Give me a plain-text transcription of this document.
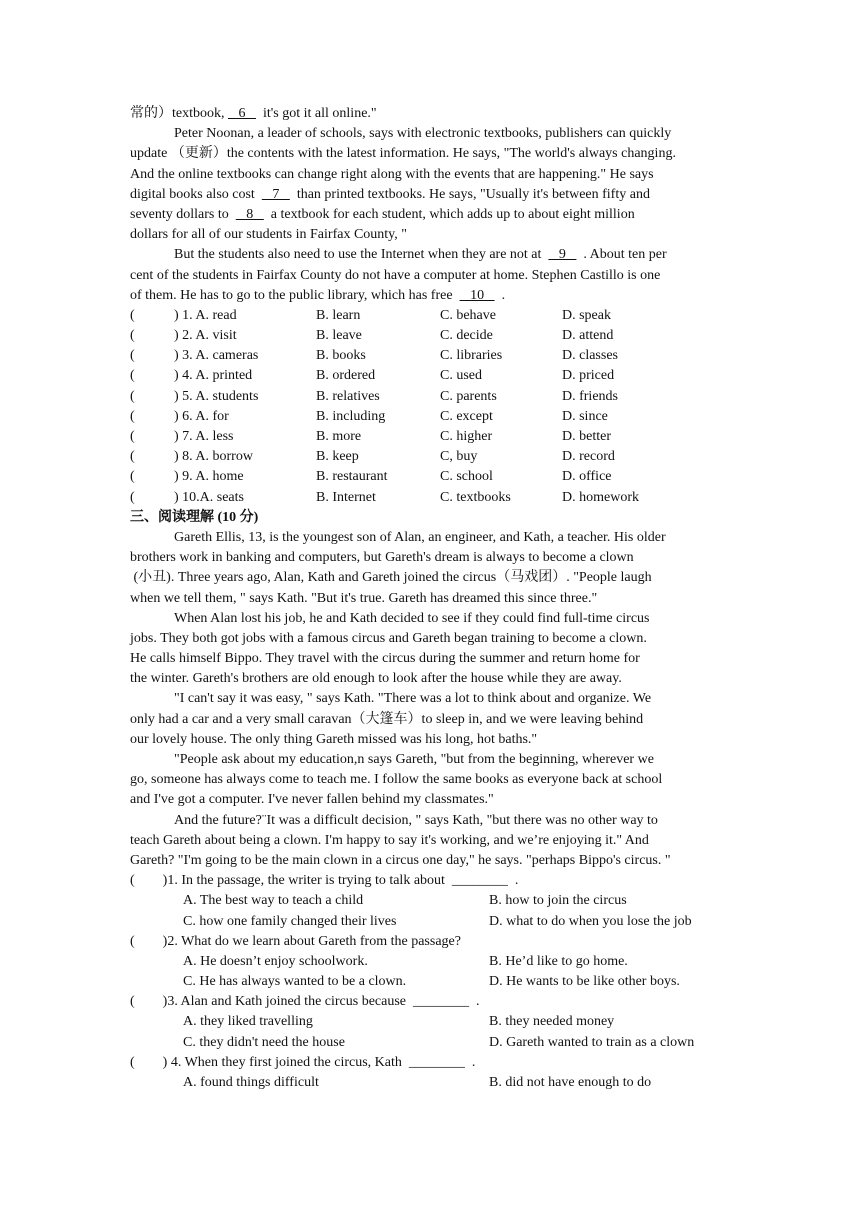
常的）textbook,    6     it's got it all online."
Peter Noonan, a leader of schools, says with electronic textbooks, publishers can quickly
update （更新）the contents with the latest information. He says, "The world's always changing.
And the online textbooks can change right along with the events that are happening." He says
digital books also cost     7     than printed textbooks. He says, "Usually it's between fifty and
seventy dollars to     8     a textbook for each student, which adds up to about eight million
dollars for all of our students in Fairfax County, "
But the students also need to use the Internet when they are not at     9     . About ten per
cent of the students in Fairfax County do not have a computer at home. Stephen Castillo is one
of them. He has to go to the public library, which has free     10     .
(	) 1. A. read	B. learn	C. behave	D. speak
(	) 2. A. visit	B. leave	C. decide	D. attend
(	) 3. A. cameras	B. books	C. libraries	D. classes
(	) 4. A. printed	B. ordered	C. used	D. priced
(	) 5. A. students	B. relatives	C. parents	D. friends
(	) 6. A. for	B. including	C. except	D. since
(	) 7. A. less	B. more	C. higher	D. better
(	) 8. A. borrow	B. keep	C, buy	D. record
(	) 9. A. home	B. restaurant	C. school	D. office
(	) 10.A. seats	B. Internet	C. textbooks	D. homework
三、阅读理解 (10 分)
Gareth Ellis, 13, is the youngest son of Alan, an engineer, and Kath, a teacher. His older
brothers work in banking and computers, but Gareth's dream is always to become a clown
(小丑). Three years ago, Alan, Kath and Gareth joined the circus（马戏团）. "People laugh
when we tell them, " says Kath. "But it's true. Gareth has dreamed this since three."
When Alan lost his job, he and Kath decided to see if they could find full-time circus
jobs. They both got jobs with a famous circus and Gareth began training to become a clown.
He calls himself Bippo. They travel with the circus during the summer and return home for
the winter. Gareth's brothers are old enough to look after the house while they are away.
"I can't say it was easy, " says Kath. "There was a lot to think about and organize. We
only had a car and a very small caravan（大篷车）to sleep in, and we were leaving behind
our lovely house. The only thing Gareth missed was his long, hot baths."
"People ask about my education,n says Gareth, "but from the beginning, wherever we
go, someone has always come to teach me. I follow the same books as everyone back at school
and I've got a computer. I've never fallen behind my classmates."
And the future?¨It was a difficult decision, " says Kath, "but there was no other way to
teach Gareth about being a clown. I'm happy to say it's working, and we’re enjoying it." And
Gareth? "I'm going to be the main clown in a circus one day," he says. "perhaps Bippo's circus. "
(        )1. In the passage, the writer is trying to talk about  ________  .
A. The best way to teach a child	B. how to join the circus
C. how one family changed their lives	D. what to do when you lose the job
(        )2. What do we learn about Gareth from the passage?
A. He doesn’t enjoy schoolwork.	B. He’d like to go home.
C. He has always wanted to be a clown.	D. He wants to be like other boys.
(        )3. Alan and Kath joined the circus because  ________  .
A. they liked travelling	B. they needed money
C. they didn't need the house	D. Gareth wanted to train as a clown
(        ) 4. When they first joined the circus, Kath  ________  .
A. found things difficult	B. did not have enough to do
